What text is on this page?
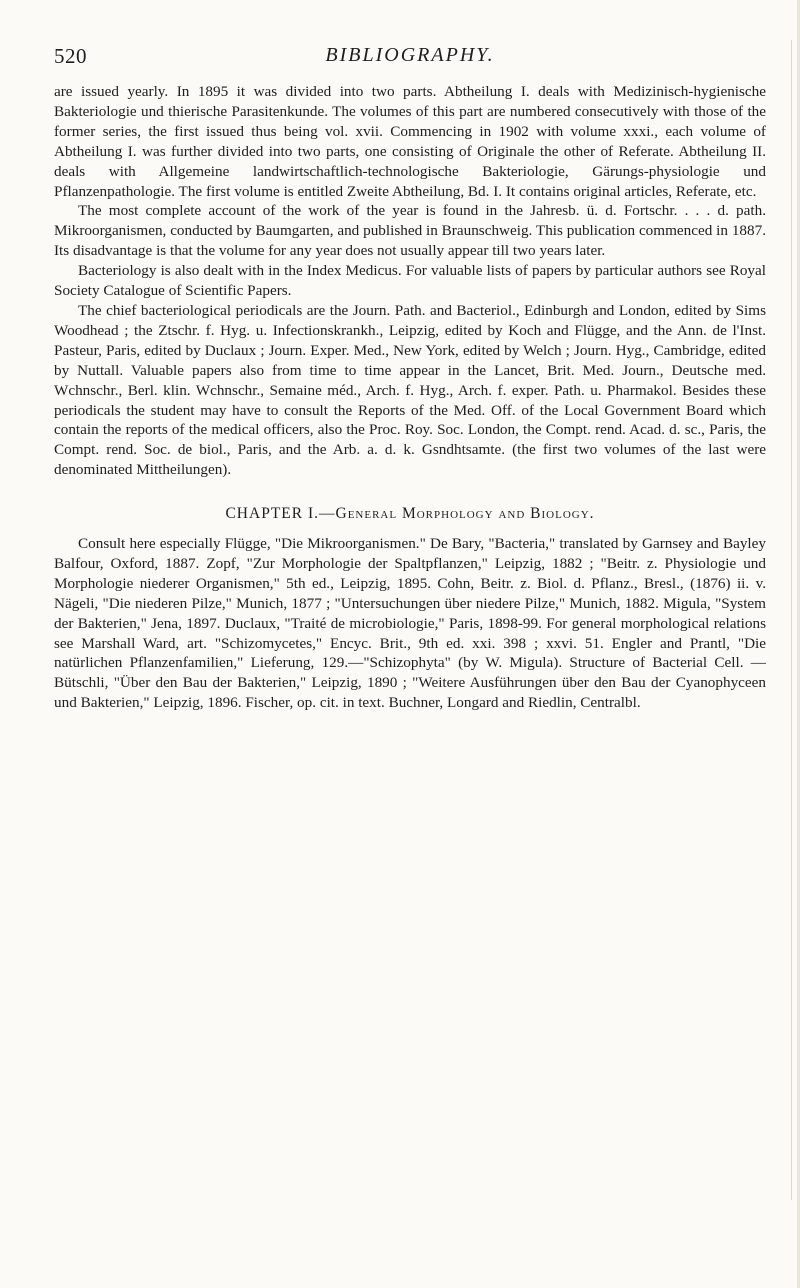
520	BIBLIOGRAPHY.

are issued yearly. In 1895 it was divided into two parts. Abtheilung I. deals with Medizinisch-hygienische Bakteriologie und thierische Parasitenkunde. The volumes of this part are numbered consecutively with those of the former series, the first issued thus being vol. xvii. Commencing in 1902 with volume xxxi., each volume of Abtheilung I. was further divided into two parts, one consisting of Originale the other of Referate. Abtheilung II. deals with Allgemeine landwirtschaftlich-technologische Bakteriologie, Gärungs-physiologie und Pflanzenpathologie. The first volume is entitled Zweite Abtheilung, Bd. I. It contains original articles, Referate, etc.

The most complete account of the work of the year is found in the Jahresb. ü. d. Fortschr. . . . d. path. Mikroorganismen, conducted by Baumgarten, and published in Braunschweig. This publication commenced in 1887. Its disadvantage is that the volume for any year does not usually appear till two years later.

Bacteriology is also dealt with in the Index Medicus. For valuable lists of papers by particular authors see Royal Society Catalogue of Scientific Papers.

The chief bacteriological periodicals are the Journ. Path. and Bacteriol., Edinburgh and London, edited by Sims Woodhead ; the Ztschr. f. Hyg. u. Infectionskrankh., Leipzig, edited by Koch and Flügge, and the Ann. de l'Inst. Pasteur, Paris, edited by Duclaux ; Journ. Exper. Med., New York, edited by Welch ; Journ. Hyg., Cambridge, edited by Nuttall. Valuable papers also from time to time appear in the Lancet, Brit. Med. Journ., Deutsche med. Wchnschr., Berl. klin. Wchnschr., Semaine méd., Arch. f. Hyg., Arch. f. exper. Path. u. Pharmakol. Besides these periodicals the student may have to consult the Reports of the Med. Off. of the Local Government Board which contain the reports of the medical officers, also the Proc. Roy. Soc. London, the Compt. rend. Acad. d. sc., Paris, the Compt. rend. Soc. de biol., Paris, and the Arb. a. d. k. Gsndhtsamte. (the first two volumes of the last were denominated Mittheilungen).

CHAPTER I.—General Morphology and Biology.

Consult here especially Flügge, "Die Mikroorganismen." De Bary, "Bacteria," translated by Garnsey and Bayley Balfour, Oxford, 1887. Zopf, "Zur Morphologie der Spaltpflanzen," Leipzig, 1882 ; "Beitr. z. Physiologie und Morphologie niederer Organismen," 5th ed., Leipzig, 1895. Cohn, Beitr. z. Biol. d. Pflanz., Bresl., (1876) ii. v. Nägeli, "Die niederen Pilze," Munich, 1877 ; "Untersuchungen über niedere Pilze," Munich, 1882. Migula, "System der Bakterien," Jena, 1897. Duclaux, "Traité de microbiologie," Paris, 1898-99. For general morphological relations see Marshall Ward, art. "Schizomycetes," Encyc. Brit., 9th ed. xxi. 398 ; xxvi. 51. Engler and Prantl, "Die natürlichen Pflanzenfamilien," Lieferung, 129.—"Schizophyta" (by W. Migula). Structure of Bacterial Cell. —Bütschli, "Über den Bau der Bakterien," Leipzig, 1890 ; "Weitere Ausführungen über den Bau der Cyanophyceen und Bakterien," Leipzig, 1896. Fischer, op. cit. in text. Buchner, Longard and Riedlin, Centralbl.
